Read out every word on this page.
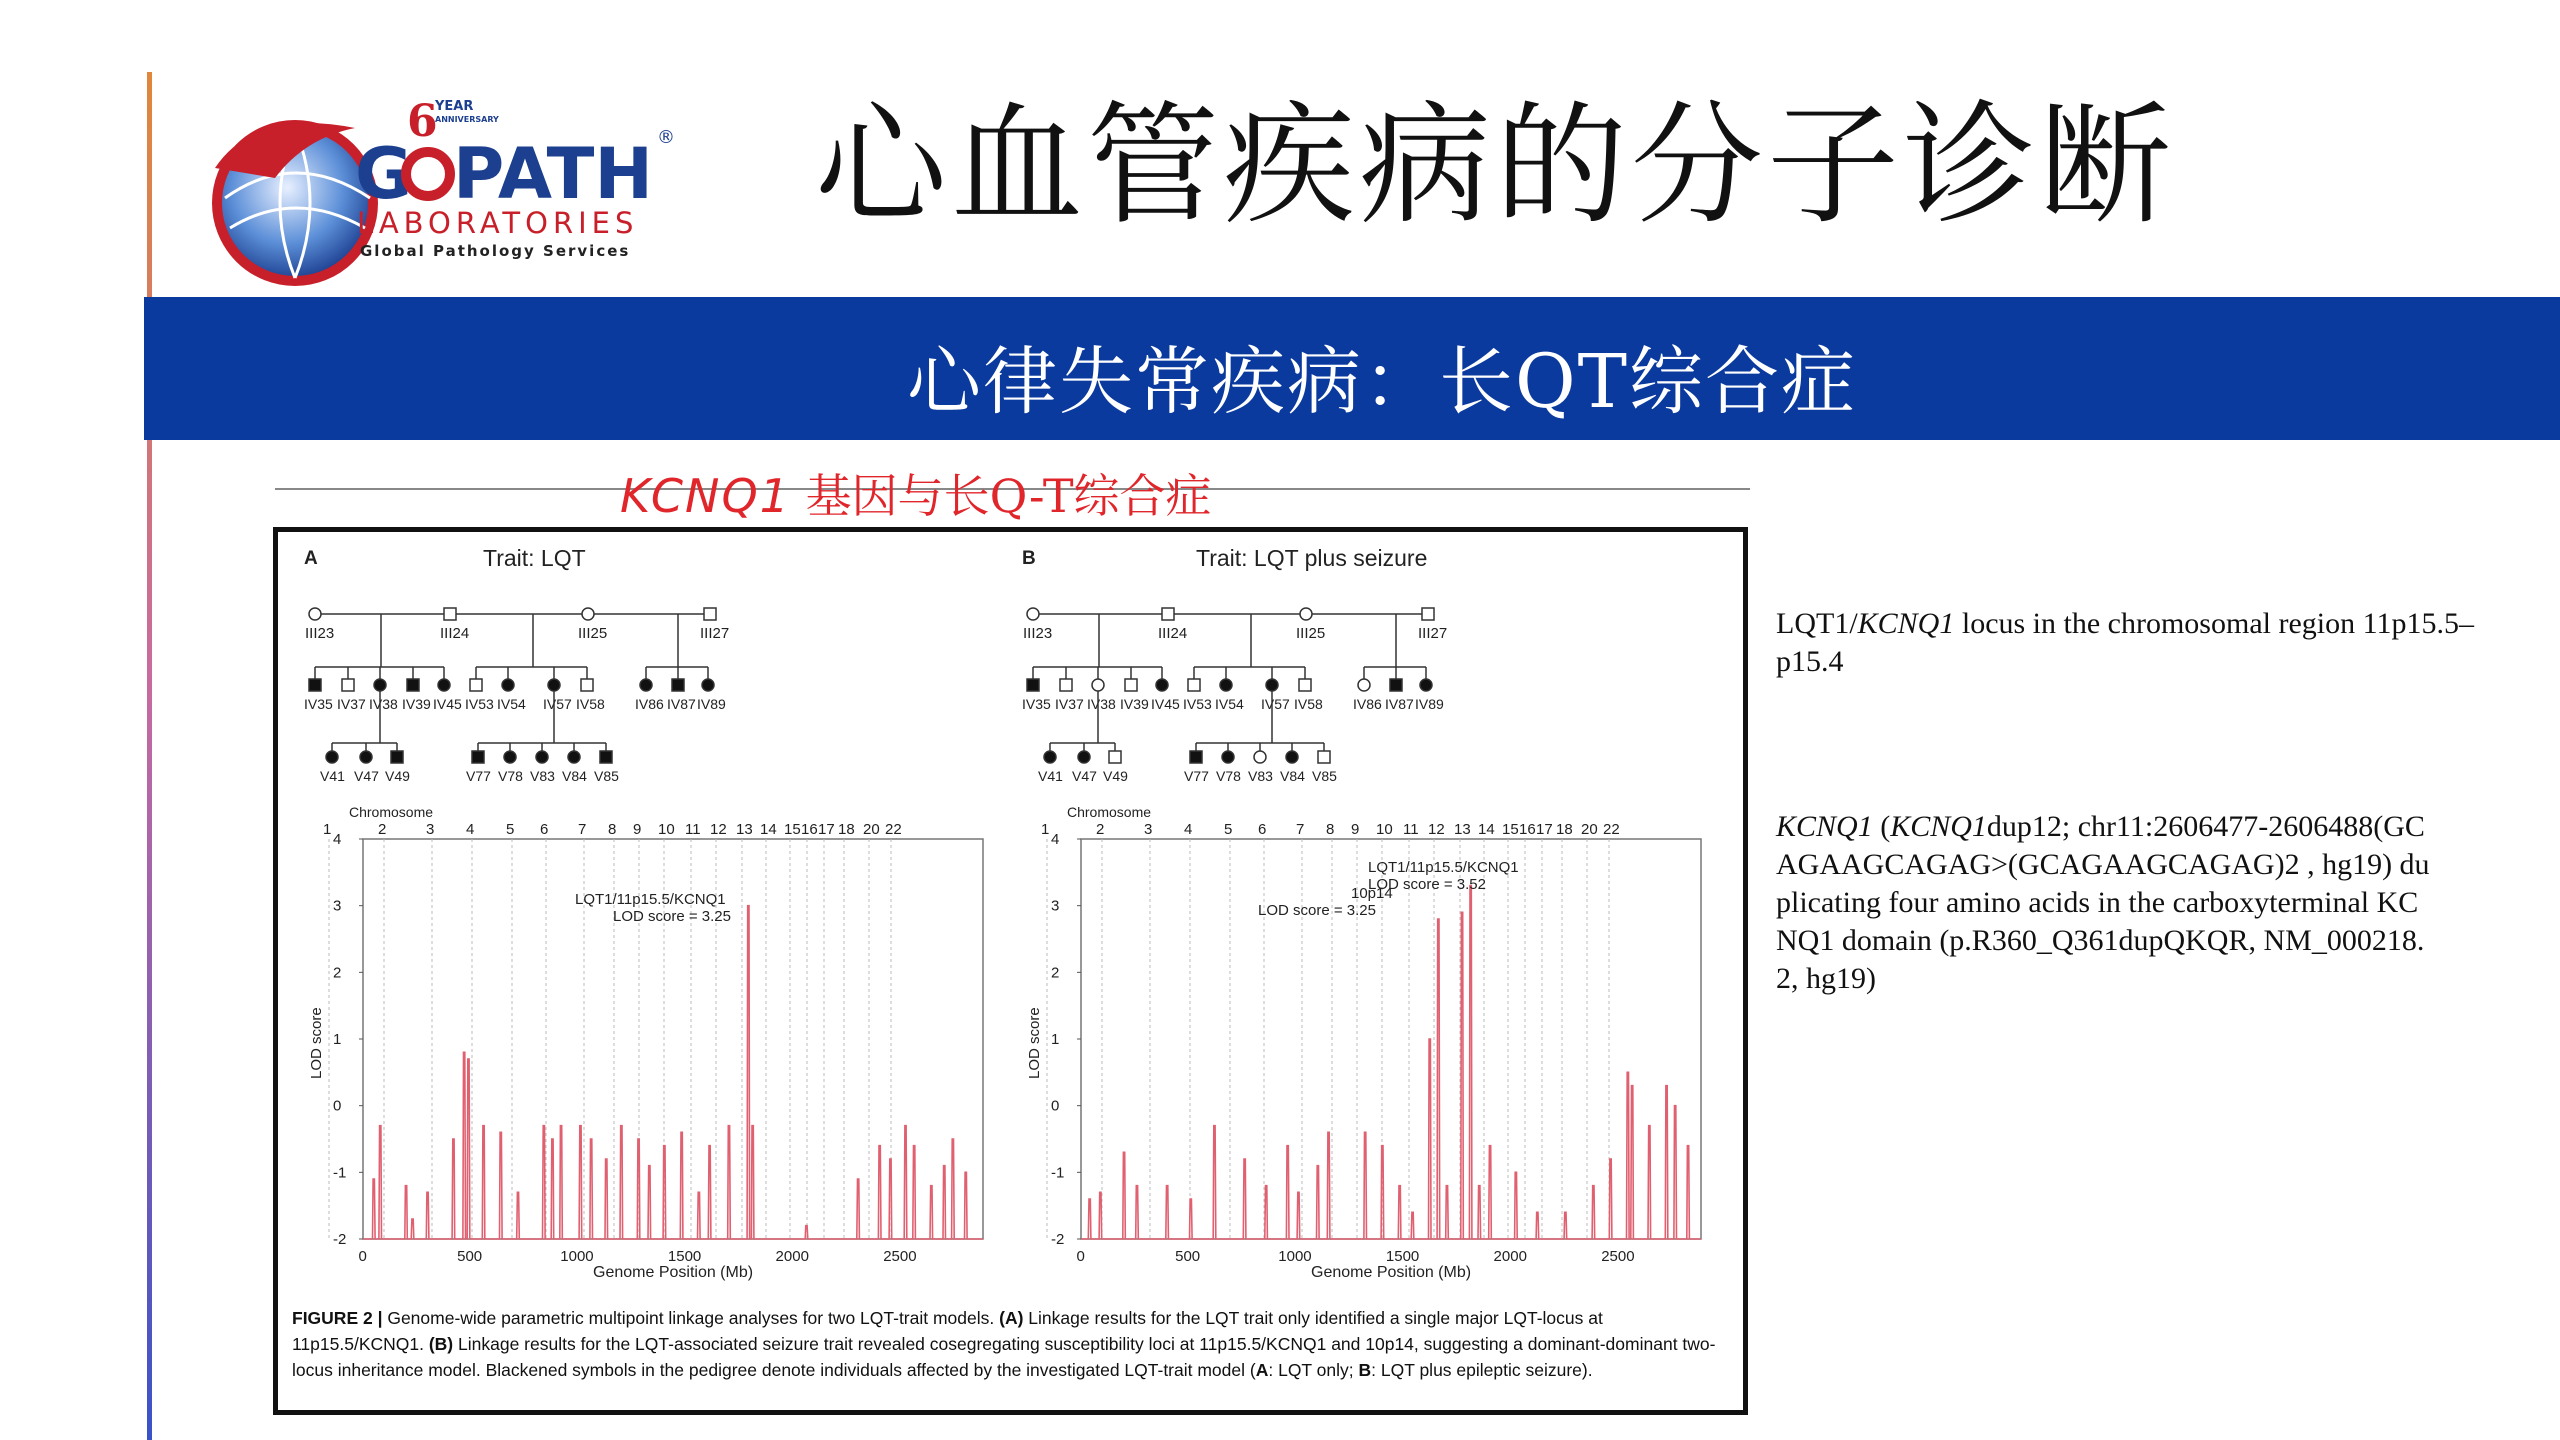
6
YEAR
ANNIVERSARY
G PATH ®
LABORATORIES
Global Pathology Services
心血管疾病的分子诊断
心律失常疾病：长QT综合症
KCNQ1 基因与长Q-T综合症
A	Trait: LQT
III23	III24	III25	III27
IV35 IV37 IV38 IV39 IV45 IV53 IV54 IV57 IV58 IV86 IV87 IV89
V41 V47 V49	V77 V78 V83 V84 V85
Chromosome
1	2	3 4 5 6 7 8 9 10 11 12 13 14 15 16 17 18 20 22
4
3
2
1
0
-1
-2
0	500	1000	1500	2000	2500
LOD score
Genome Position (Mb)
LQT1/11p15.5/KCNQ1
LOD score = 3.25
B	Trait: LQT plus seizure
III23	III24	III25	III27
IV35 IV37 IV38 IV39 IV45 IV53 IV54 IV57 IV58 IV86 IV87 IV89
V41 V47 V49	V77 V78 V83 V84 V85
Chromosome
1	2	3 4 5 6 7 8 9 10 11 12 13 14 15 16 17 18 20 22
4
3
2
1
0
-1
-2
0	500	1000	1500	2000	2500
LOD score
Genome Position (Mb)
10p14
LOD score = 3.25
LQT1/11p15.5/KCNQ1
LOD score = 3.52
FIGURE 2 | Genome-wide parametric multipoint linkage analyses for two LQT-trait models. (A) Linkage results for the LQT trait only identified a single major LQT-locus at 11p15.5/KCNQ1. (B) Linkage results for the LQT-associated seizure trait revealed cosegregating susceptibility loci at 11p15.5/KCNQ1 and 10p14, suggesting a dominant-dominant two-locus inheritance model. Blackened symbols in the pedigree denote individuals affected by the investigated LQT-trait model (A: LQT only; B: LQT plus epileptic seizure).
LQT1/KCNQ1 locus in the chromosomal region 11p15.5–p15.4
KCNQ1 (KCNQ1dup12; chr11:2606477-2606488(GCAGAAGCAGAG>(GCAGAAGCAGAG)2 , hg19) duplicating four amino acids in the carboxyterminal KCNQ1 domain (p.R360_Q361dupQKQR, NM_000218.2, hg19)
